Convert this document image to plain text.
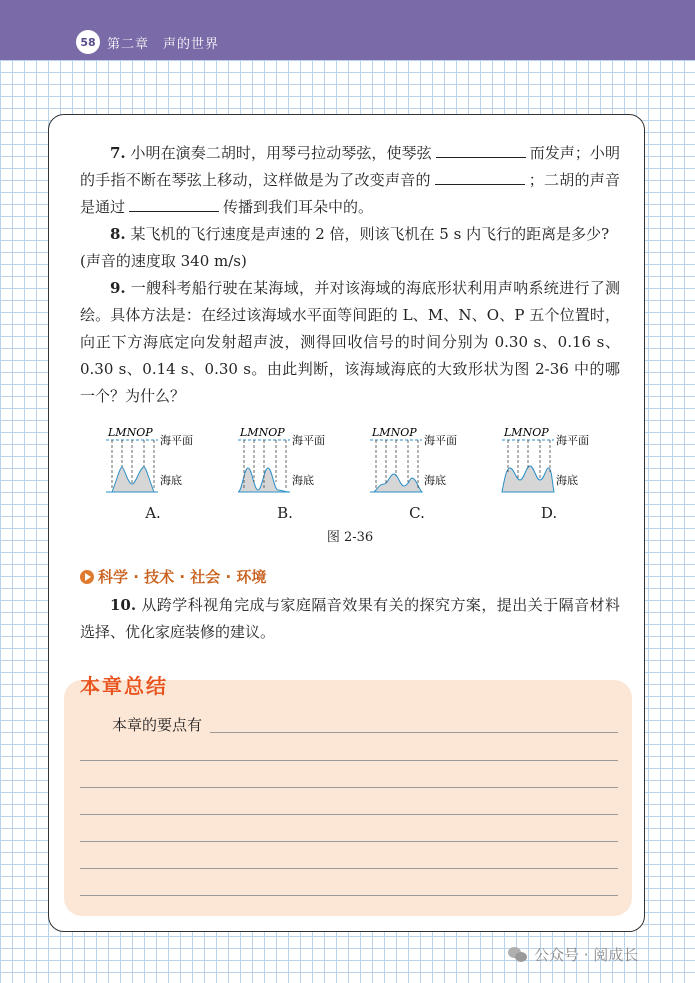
58 第二章　声的世界

7. 小明在演奏二胡时，用琴弓拉动琴弦，使琴弦	而发声；小明的手指不断在琴弦上移动，这样做是为了改变声音的	；二胡的声音是通过	传播到我们耳朵中的。

8. 某飞机的飞行速度是声速的 2 倍，则该飞机在 5 s 内飞行的距离是多少?

(声音的速度取 340 m/s)

9. 一艘科考船行驶在某海域，并对该海域的海底形状利用声呐系统进行了测绘。具体方法是：在经过该海域水平面等间距的 L、M、N、O、P 五个位置时，向正下方海底定向发射超声波，测得回收信号的时间分别为 0.30 s、0.16 s、0.30 s、0.14 s、0.30 s。由此判断，该海域海底的大致形状为图 2-36 中的哪一个？为什么？

LMNOP
海平面
海底
A.
LMNOP
海平面
海底
B.
LMNOP
海平面
海底
C.
LMNOP
海平面
海底
D.
图 2-36
科学 · 技术 · 社会 · 环境

10. 从跨学科视角完成与家庭隔音效果有关的探究方案，提出关于隔音材料选择、优化家庭装修的建议。

本章总结
本章的要点有
公众号 · 阅成长
